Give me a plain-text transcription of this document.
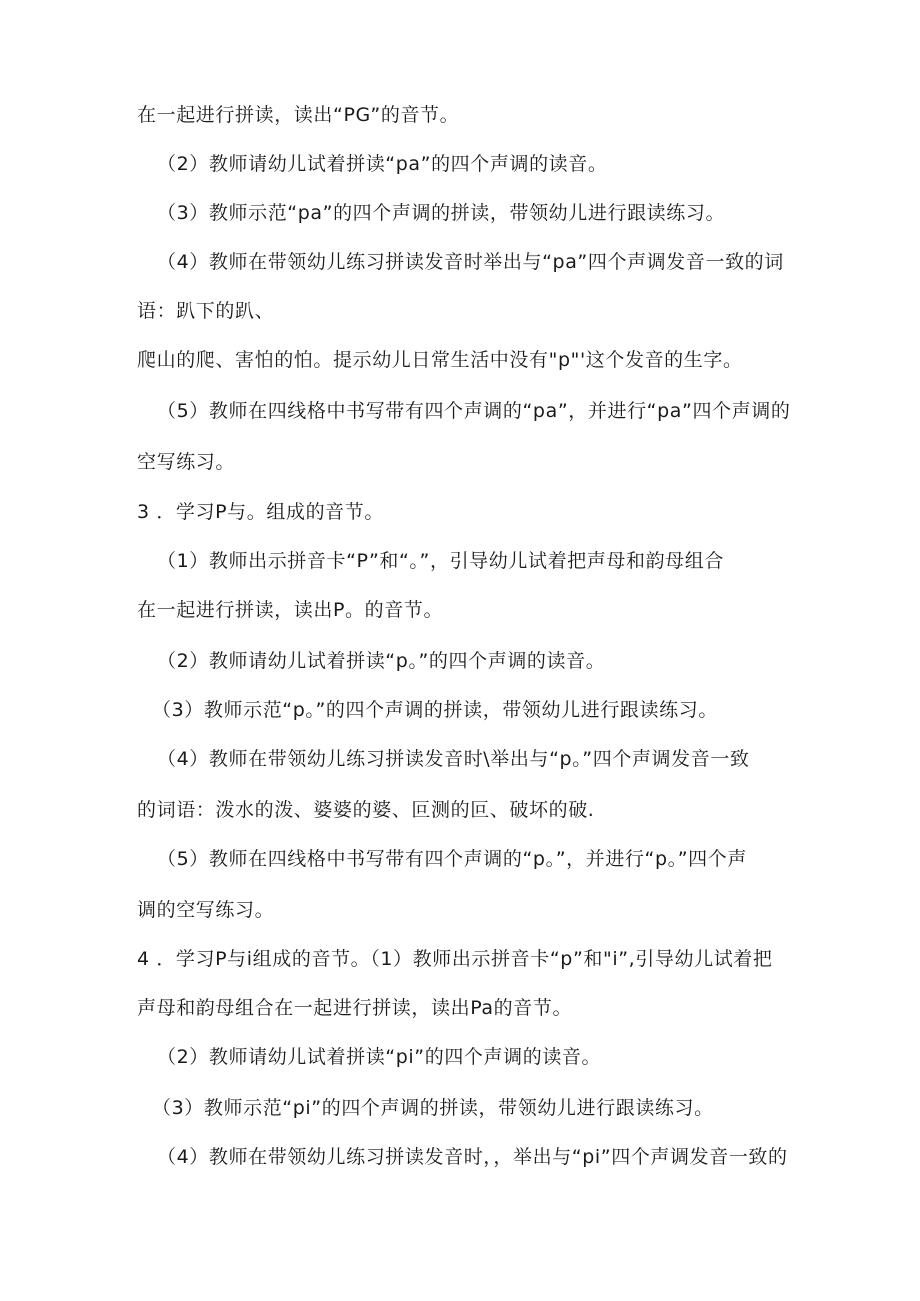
在一起进行拼读，读出“PG”的音节。
（2）教师请幼儿试着拼读“pa”的四个声调的读音。
（3）教师示范“pa”的四个声调的拼读，带领幼儿进行跟读练习。
（4）教师在带领幼儿练习拼读发音时举出与“pa”四个声调发音一致的词
语：趴下的趴、
爬山的爬、害怕的怕。提示幼儿日常生活中没有"p"'这个发音的生字。
（5）教师在四线格中书写带有四个声调的“pa”，并进行“pa”四个声调的
空写练习。
3 ．学习P与。组成的音节。
（1）教师出示拼音卡“P”和“。”，引导幼儿试着把声母和韵母组合
在一起进行拼读，读出P。的音节。
（2）教师请幼儿试着拼读“p。”的四个声调的读音。
（3）教师示范“p。”的四个声调的拼读，带领幼儿进行跟读练习。
（4）教师在带领幼儿练习拼读发音时\举出与“p。”四个声调发音一致
的词语：泼水的泼、婆婆的婆、叵测的叵、破坏的破.
（5）教师在四线格中书写带有四个声调的“p。”，并进行“p。”四个声
调的空写练习。
4 ．学习P与i组成的音节。（1）教师出示拼音卡“p”和"i”,引导幼儿试着把
声母和韵母组合在一起进行拼读，读出Pa的音节。
（2）教师请幼儿试着拼读“pi”的四个声调的读音。
（3）教师示范“pi”的四个声调的拼读，带领幼儿进行跟读练习。
（4）教师在带领幼儿练习拼读发音时，，举出与“pi”四个声调发音一致的
